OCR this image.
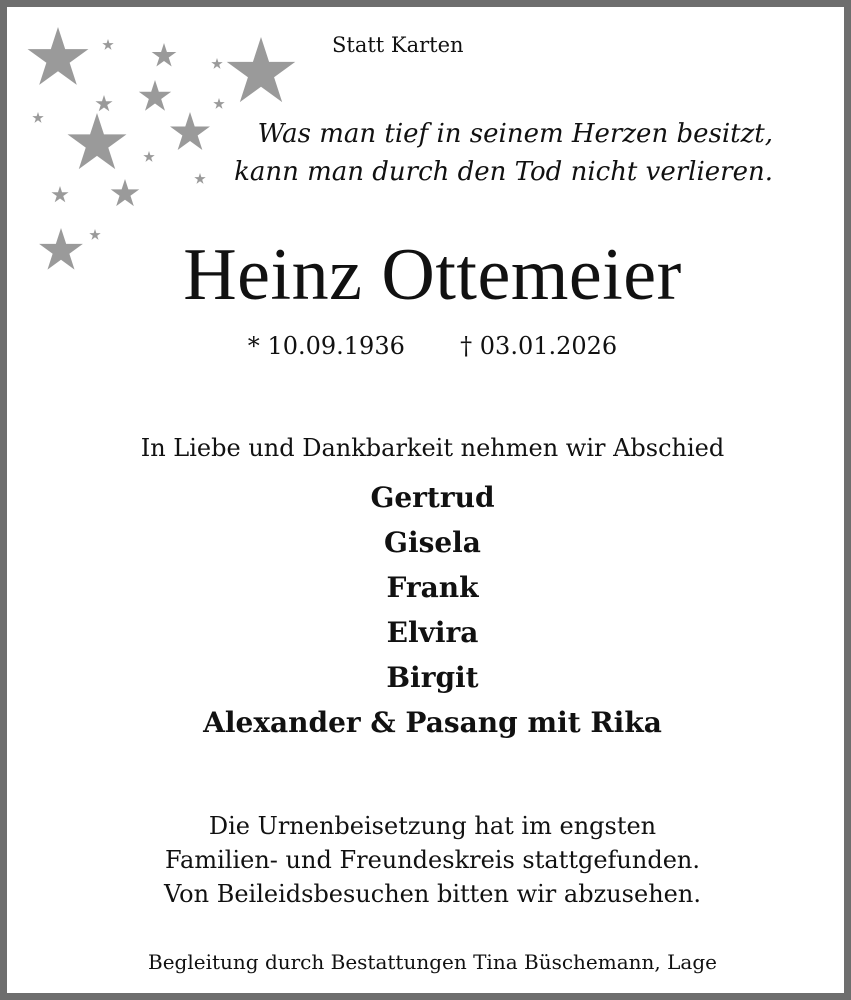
Statt Karten

Was man tief in seinem Herzen besitzt,
kann man durch den Tod nicht verlieren.
Heinz Ottemeier
* 10.09.1936 † 03.01.2026

In Liebe und Dankbarkeit nehmen wir Abschied

Gertrud
Gisela
Frank
Elvira
Birgit
Alexander & Pasang mit Rika
Die Urnenbeisetzung hat im engsten
Familien- und Freundeskreis stattgefunden.
Von Beileidsbesuchen bitten wir abzusehen.

Begleitung durch Bestattungen Tina Büschemann, Lage
